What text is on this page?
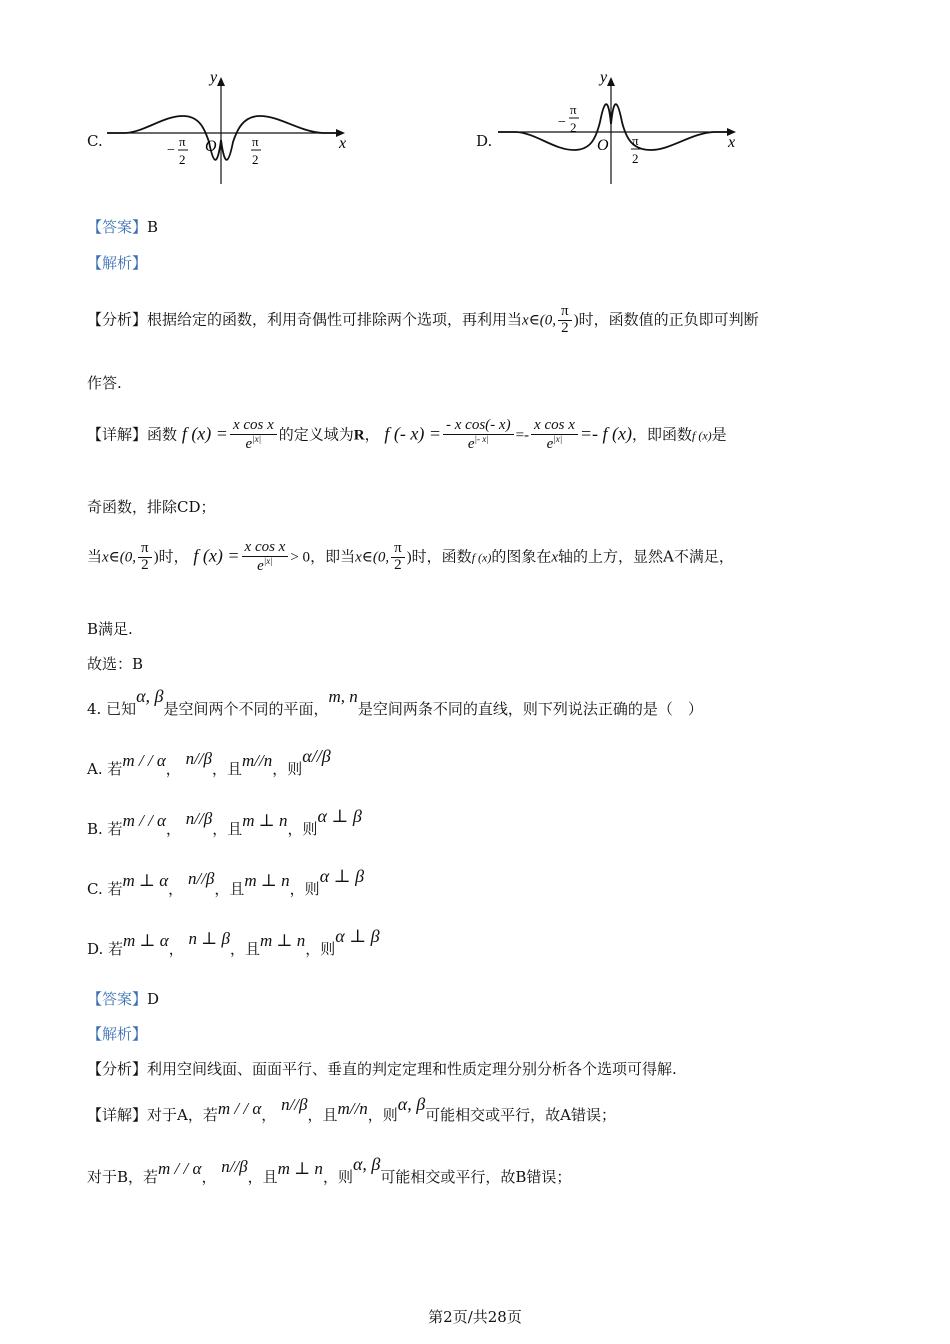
C.
y
x
O
−
π
2
π
2
D.
y
x
O
−
π
2
π
2
【答案】B
【解析】
【分析】根据给定的函数，利用奇偶性可排除两个选项，再利用当x∈(0, $\frac{\pi}{2}$ )时，函数值的正负即可判断
作答.
【详解】函数 f $(x) = \frac{\text{x cos x}}{e^{|x|}}$ 的定义域为R， f (- $x) = \frac{\text{- x cos(- x)}}{e^{|- x|}} =- \frac{\text{x cos x}}{e^{|x|}} =- f$ (x)，即函数f (x)是
奇函数，排除CD；
当x∈(0, $\frac{\pi}{2}$ )时， f $(x) = \frac{\text{x cos x}}{e^{|x|}} > 0$，即当x∈(0, $\frac{\pi}{2}$ )时，函数f (x)的图象在x轴的上方，显然A不满足，
B满足.
故选：B
4. 已知α, β是空间两个不同的平面，m, n是空间两条不同的直线，则下列说法正确的是（　）
A. 若m / / α， n//β，且m//n，则α//β
B. 若m / / α， n//β，且m ⊥ n，则α ⊥ β
C. 若m ⊥ α， n//β，且m ⊥ n，则α ⊥ β
D. 若m ⊥ α， n ⊥ β，且m ⊥ n，则α ⊥ β
【答案】D
【解析】
【分析】利用空间线面、面面平行、垂直的判定定理和性质定理分别分析各个选项可得解.
【详解】对于A，若m / / α， n//β，且m//n，则α, β可能相交或平行，故A错误；
对于B，若m / / α， n//β，且m ⊥ n，则α, β可能相交或平行，故B错误；
第2页/共28页
